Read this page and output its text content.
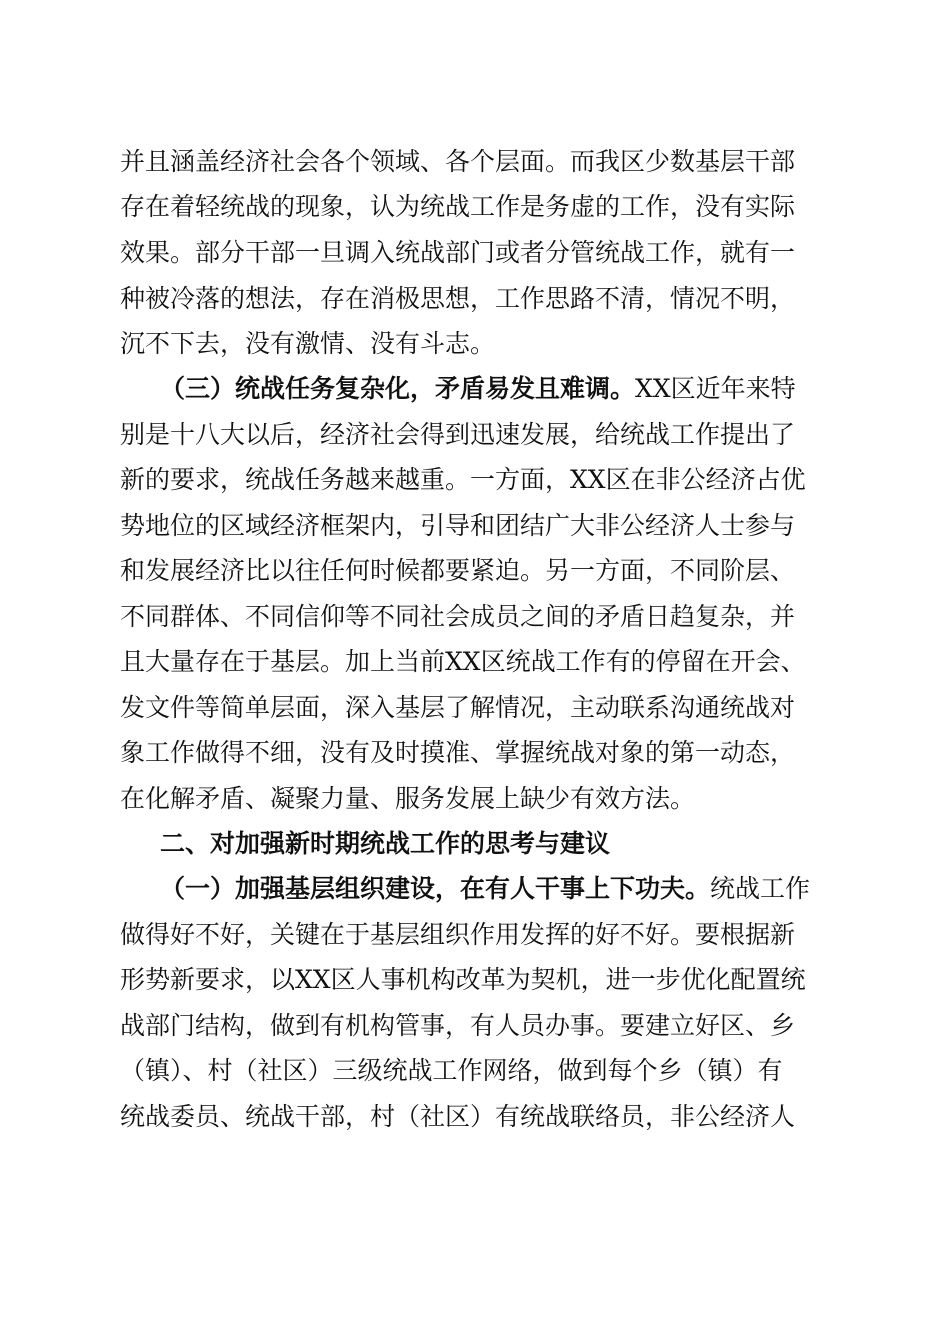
并且涵盖经济社会各个领域、各个层面。而我区少数基层干部
存在着轻统战的现象，认为统战工作是务虚的工作，没有实际
效果。部分干部一旦调入统战部门或者分管统战工作，就有一
种被冷落的想法，存在消极思想，工作思路不清，情况不明，
沉不下去，没有激情、没有斗志。
（三）统战任务复杂化，矛盾易发且难调。XX区近年来特
别是十八大以后，经济社会得到迅速发展，给统战工作提出了
新的要求，统战任务越来越重。一方面，XX区在非公经济占优
势地位的区域经济框架内，引导和团结广大非公经济人士参与
和发展经济比以往任何时候都要紧迫。另一方面，不同阶层、
不同群体、不同信仰等不同社会成员之间的矛盾日趋复杂，并
且大量存在于基层。加上当前XX区统战工作有的停留在开会、
发文件等简单层面，深入基层了解情况，主动联系沟通统战对
象工作做得不细，没有及时摸准、掌握统战对象的第一动态，
在化解矛盾、凝聚力量、服务发展上缺少有效方法。
二、对加强新时期统战工作的思考与建议
（一）加强基层组织建设，在有人干事上下功夫。统战工作
做得好不好，关键在于基层组织作用发挥的好不好。要根据新
形势新要求，以XX区人事机构改革为契机，进一步优化配置统
战部门结构，做到有机构管事，有人员办事。要建立好区、乡
（镇）、村（社区）三级统战工作网络，做到每个乡（镇）有
统战委员、统战干部，村（社区）有统战联络员，非公经济人
